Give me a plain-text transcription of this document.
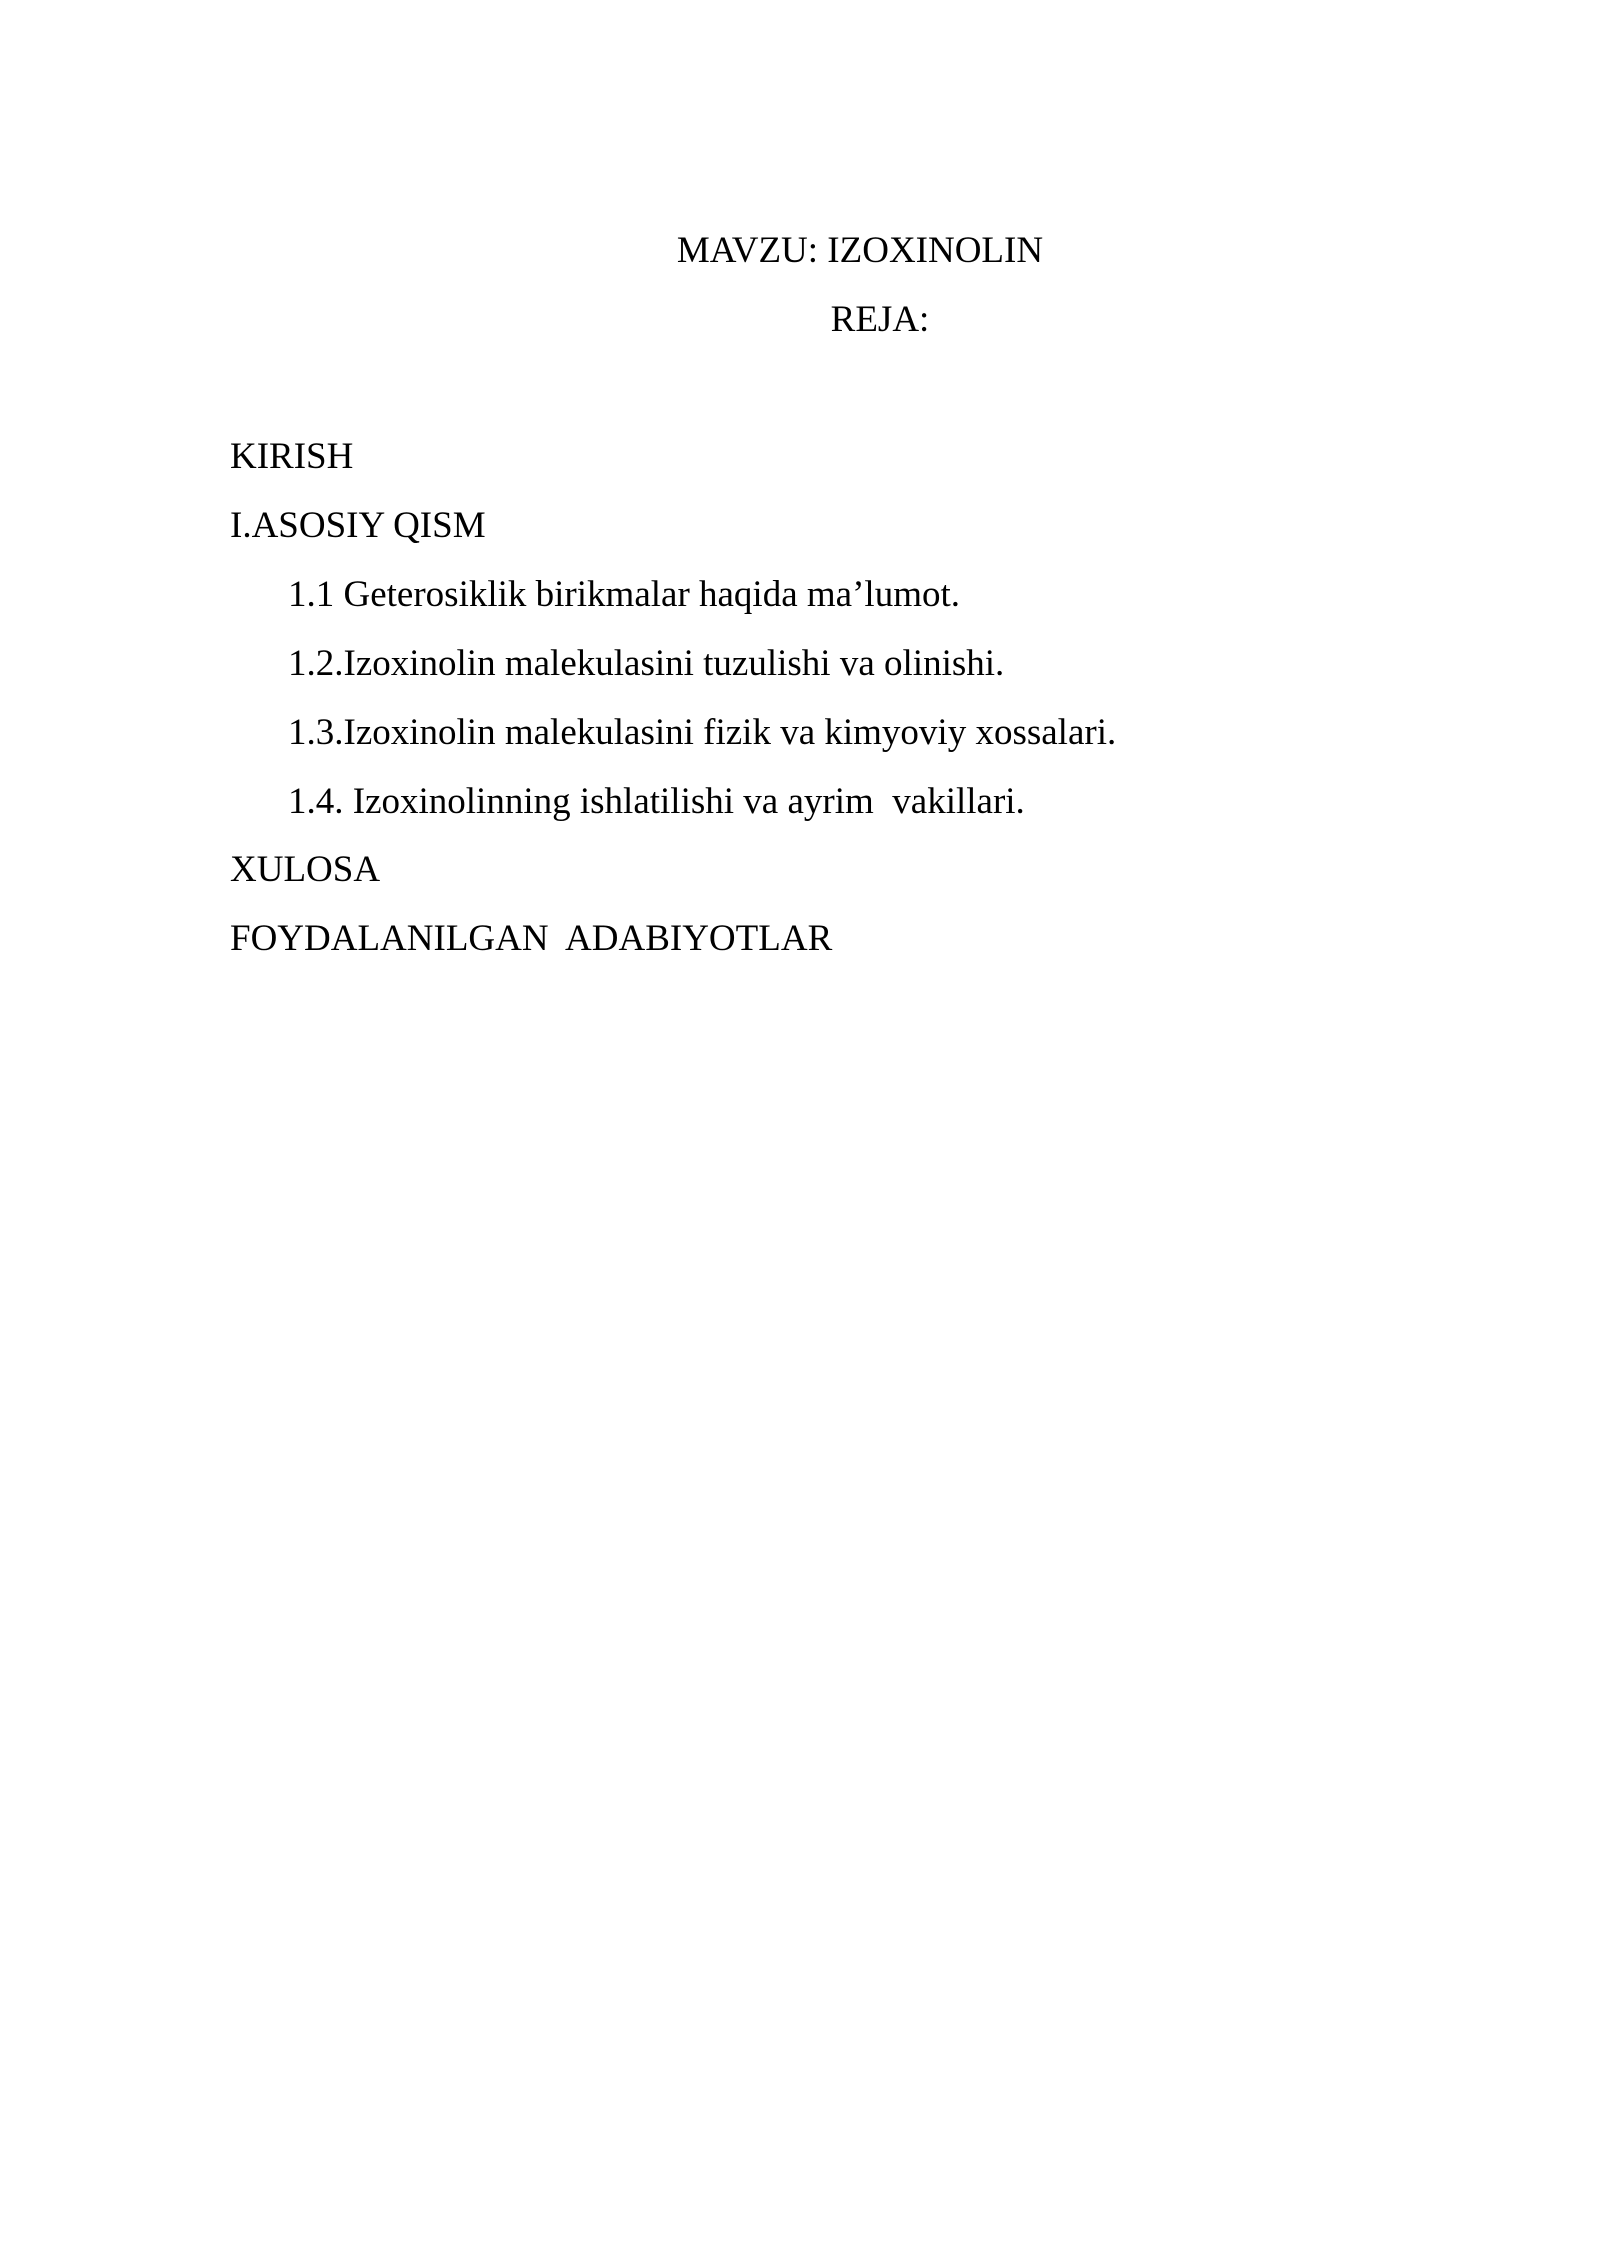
MAVZU: IZOXINOLIN
REJA:
KIRISH
I.ASOSIY QISM
1.1 Geterosiklik birikmalar haqida ma’lumot.
1.2.Izoxinolin malekulasini tuzulishi va olinishi.
1.3.Izoxinolin malekulasini fizik va kimyoviy xossalari.
1.4. Izoxinolinning ishlatilishi va ayrim  vakillari.
XULOSA
FOYDALANILGAN  ADABIYOTLAR
